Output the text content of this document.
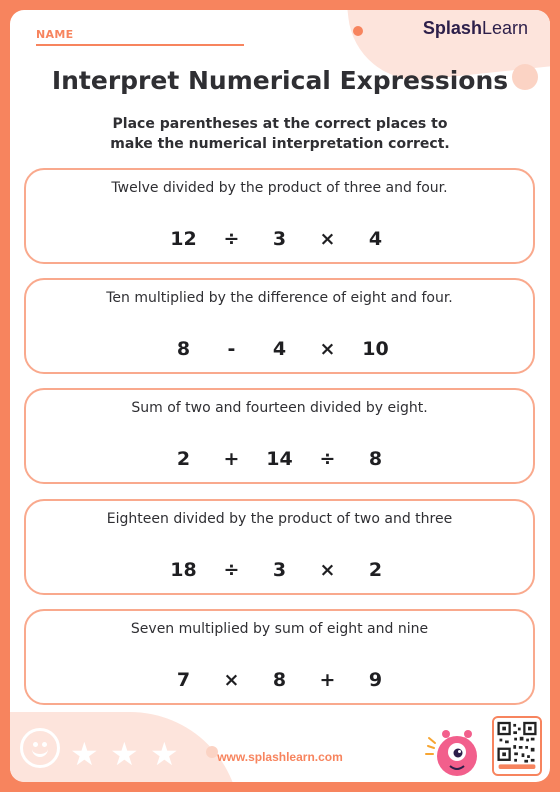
NAME	SplashLearn
Interpret Numerical Expressions
Place parentheses at the correct places to
make the numerical interpretation correct.
Twelve divided by the product of three and four.
12	÷	3	×	4
Ten multiplied by the difference of eight and four.
8	-	4	×	10
Sum of two and fourteen divided by eight.
2	+	14	÷	8
Eighteen divided by the product of two and three
18	÷	3	×	2
Seven multiplied by sum of eight and nine
7	×	8	+	9
★ ★ ★	www.splashlearn.com
